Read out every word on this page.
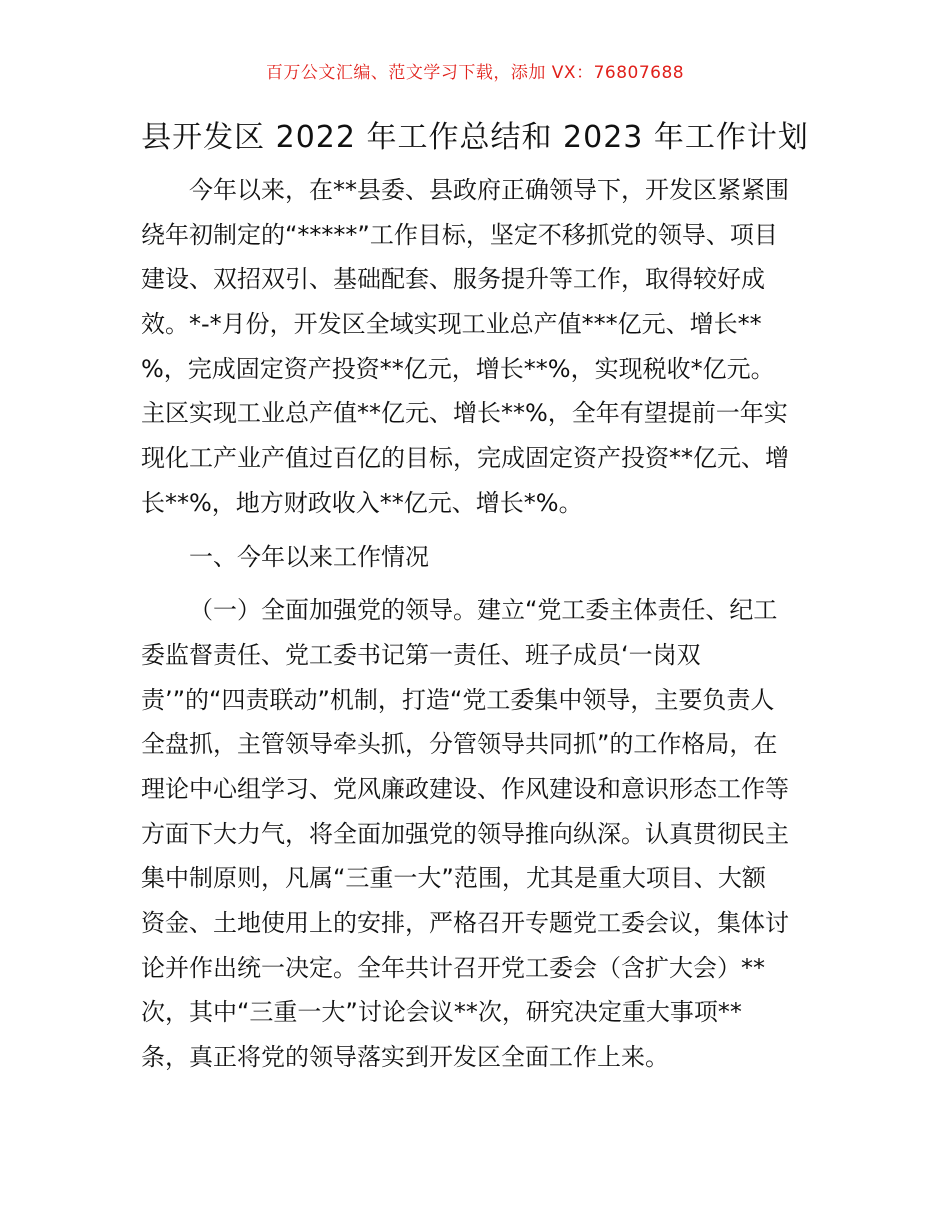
百万公文汇编、范文学习下载，添加 VX：76807688
县开发区 2022 年工作总结和 2023 年工作计划
今年以来，在**县委、县政府正确领导下，开发区紧紧围
绕年初制定的“*****”工作目标，坚定不移抓党的领导、项目
建设、双招双引、基础配套、服务提升等工作，取得较好成
效。*-*月份，开发区全域实现工业总产值***亿元、增长**
%，完成固定资产投资**亿元，增长**%，实现税收*亿元。
主区实现工业总产值**亿元、增长**%，全年有望提前一年实
现化工产业产值过百亿的目标，完成固定资产投资**亿元、增
长**%，地方财政收入**亿元、增长*%。
一、今年以来工作情况
（一）全面加强党的领导。建立“党工委主体责任、纪工
委监督责任、党工委书记第一责任、班子成员‘一岗双
责’”的“四责联动”机制，打造“党工委集中领导，主要负责人
全盘抓，主管领导牵头抓，分管领导共同抓”的工作格局，在
理论中心组学习、党风廉政建设、作风建设和意识形态工作等
方面下大力气，将全面加强党的领导推向纵深。认真贯彻民主
集中制原则，凡属“三重一大”范围，尤其是重大项目、大额
资金、土地使用上的安排，严格召开专题党工委会议，集体讨
论并作出统一决定。全年共计召开党工委会（含扩大会）**
次，其中“三重一大”讨论会议**次，研究决定重大事项**
条，真正将党的领导落实到开发区全面工作上来。
